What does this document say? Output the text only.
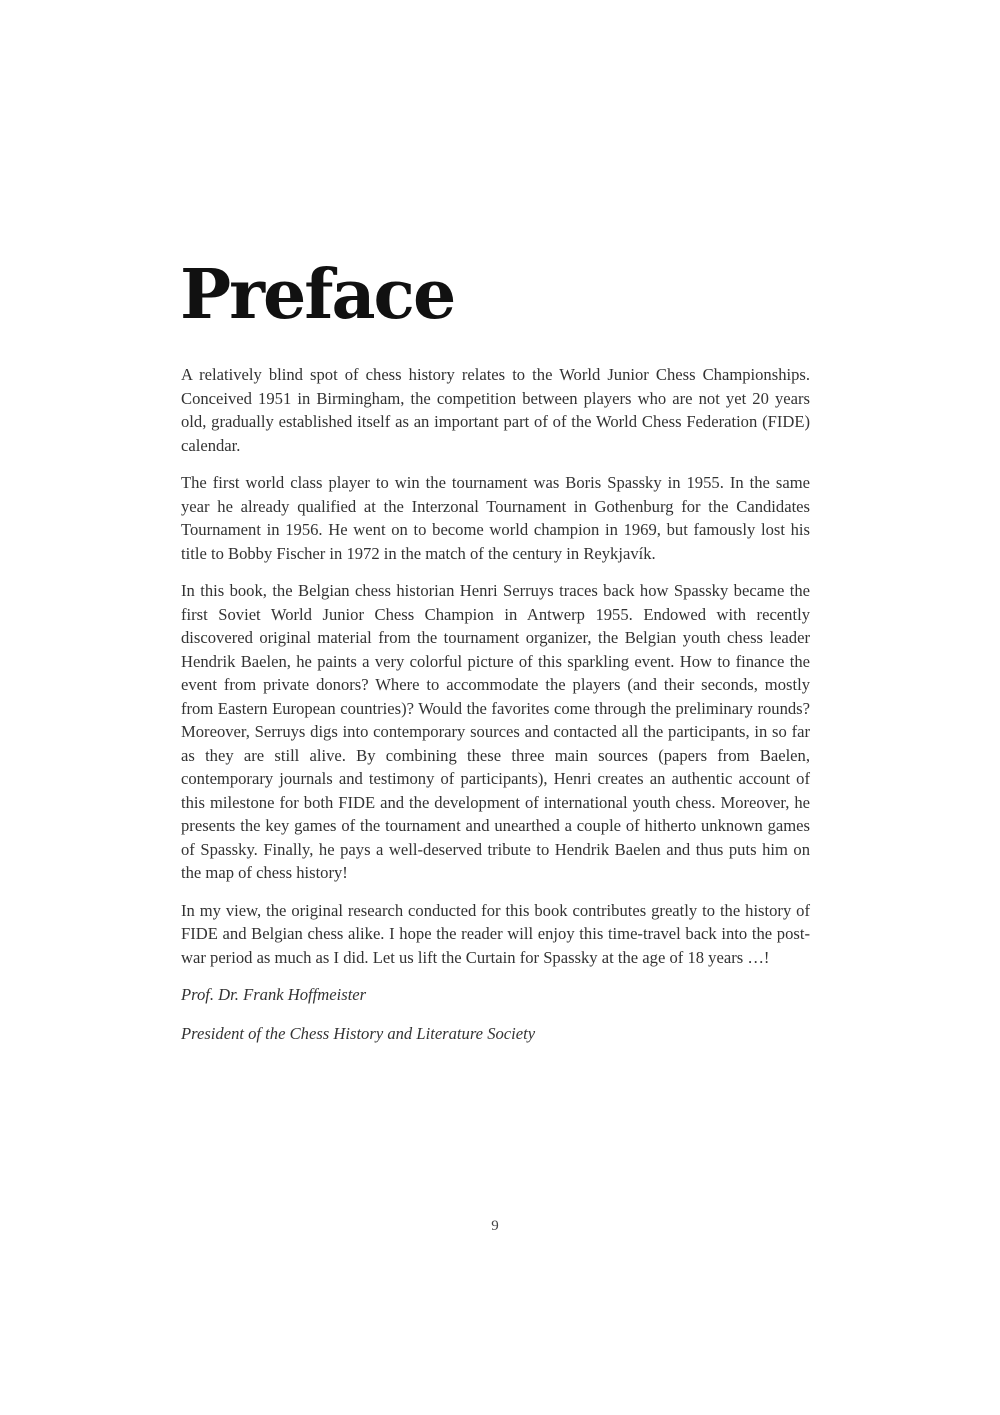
Preface

A relatively blind spot of chess history relates to the World Junior Chess Championships. Conceived 1951 in Birmingham, the competition between players who are not yet 20 years old, gradually established itself as an important part of of the World Chess Federation (FIDE) calendar.

The first world class player to win the tournament was Boris Spassky in 1955. In the same year he already qualified at the Interzonal Tournament in Gothenburg for the Candidates Tournament in 1956. He went on to become world champion in 1969, but famously lost his title to Bobby Fischer in 1972 in the match of the century in Reykjavík.

In this book, the Belgian chess historian Henri Serruys traces back how Spassky became the first Soviet World Junior Chess Champion in Antwerp 1955. Endowed with recently discovered original material from the tournament organizer, the Belgian youth chess leader Hendrik Baelen, he paints a very colorful picture of this sparkling event. How to finance the event from private donors? Where to accommodate the players (and their seconds, mostly from Eastern European countries)? Would the favorites come through the preliminary rounds? Moreover, Serruys digs into contemporary sources and contacted all the participants, in so far as they are still alive. By combining these three main sources (papers from Baelen, contemporary journals and testimony of participants), Henri creates an authentic account of this milestone for both FIDE and the development of international youth chess. Moreover, he presents the key games of the tournament and unearthed a couple of hitherto unknown games of Spassky. Finally, he pays a well-deserved tribute to Hendrik Baelen and thus puts him on the map of chess history!

In my view, the original research conducted for this book contributes greatly to the history of FIDE and Belgian chess alike. I hope the reader will enjoy this time-travel back into the post-war period as much as I did. Let us lift the Curtain for Spassky at the age of 18 years …!

Prof. Dr. Frank Hoffmeister

President of the Chess History and Literature Society

9
